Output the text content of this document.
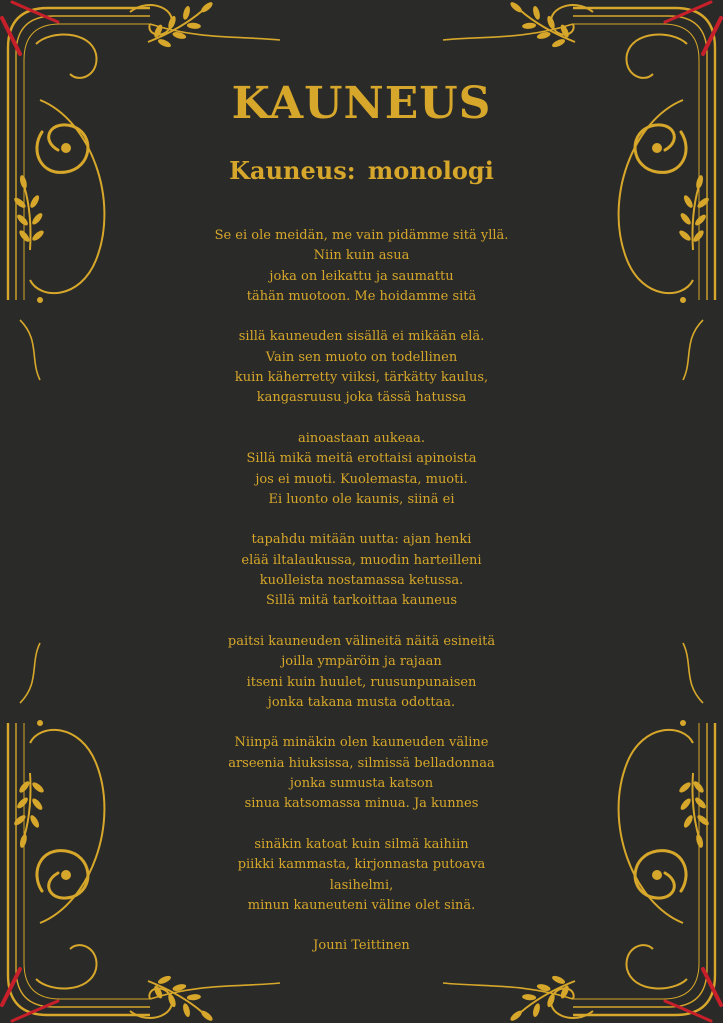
KAUNEUS
Kauneus: monologi

Se ei ole meidän, me vain pidämme sitä yllä.
Niin kuin asua
joka on leikattu ja saumattu
tähän muotoon. Me hoidamme sitä

sillä kauneuden sisällä ei mikään elä.
Vain sen muoto on todellinen
kuin käherretty viiksi, tärkätty kaulus,
kangasruusu joka tässä hatussa

ainoastaan aukeaa.
Sillä mikä meitä erottaisi apinoista
jos ei muoti. Kuolemasta, muoti.
Ei luonto ole kaunis, siinä ei

tapahdu mitään uutta: ajan henki
elää iltalaukussa, muodin harteilleni
kuolleista nostamassa ketussa.
Sillä mitä tarkoittaa kauneus

paitsi kauneuden välineitä näitä esineitä
joilla ympäröin ja rajaan
itseni kuin huulet, ruusunpunaisen
jonka takana musta odottaa.

Niinpä minäkin olen kauneuden väline
arseenia hiuksissa, silmissä belladonnaa
jonka sumusta katson
sinua katsomassa minua. Ja kunnes

sinäkin katoat kuin silmä kaihiin
piikki kammasta, kirjonnasta putoava
lasihelmi,
minun kauneuteni väline olet sinä.

Jouni Teittinen
